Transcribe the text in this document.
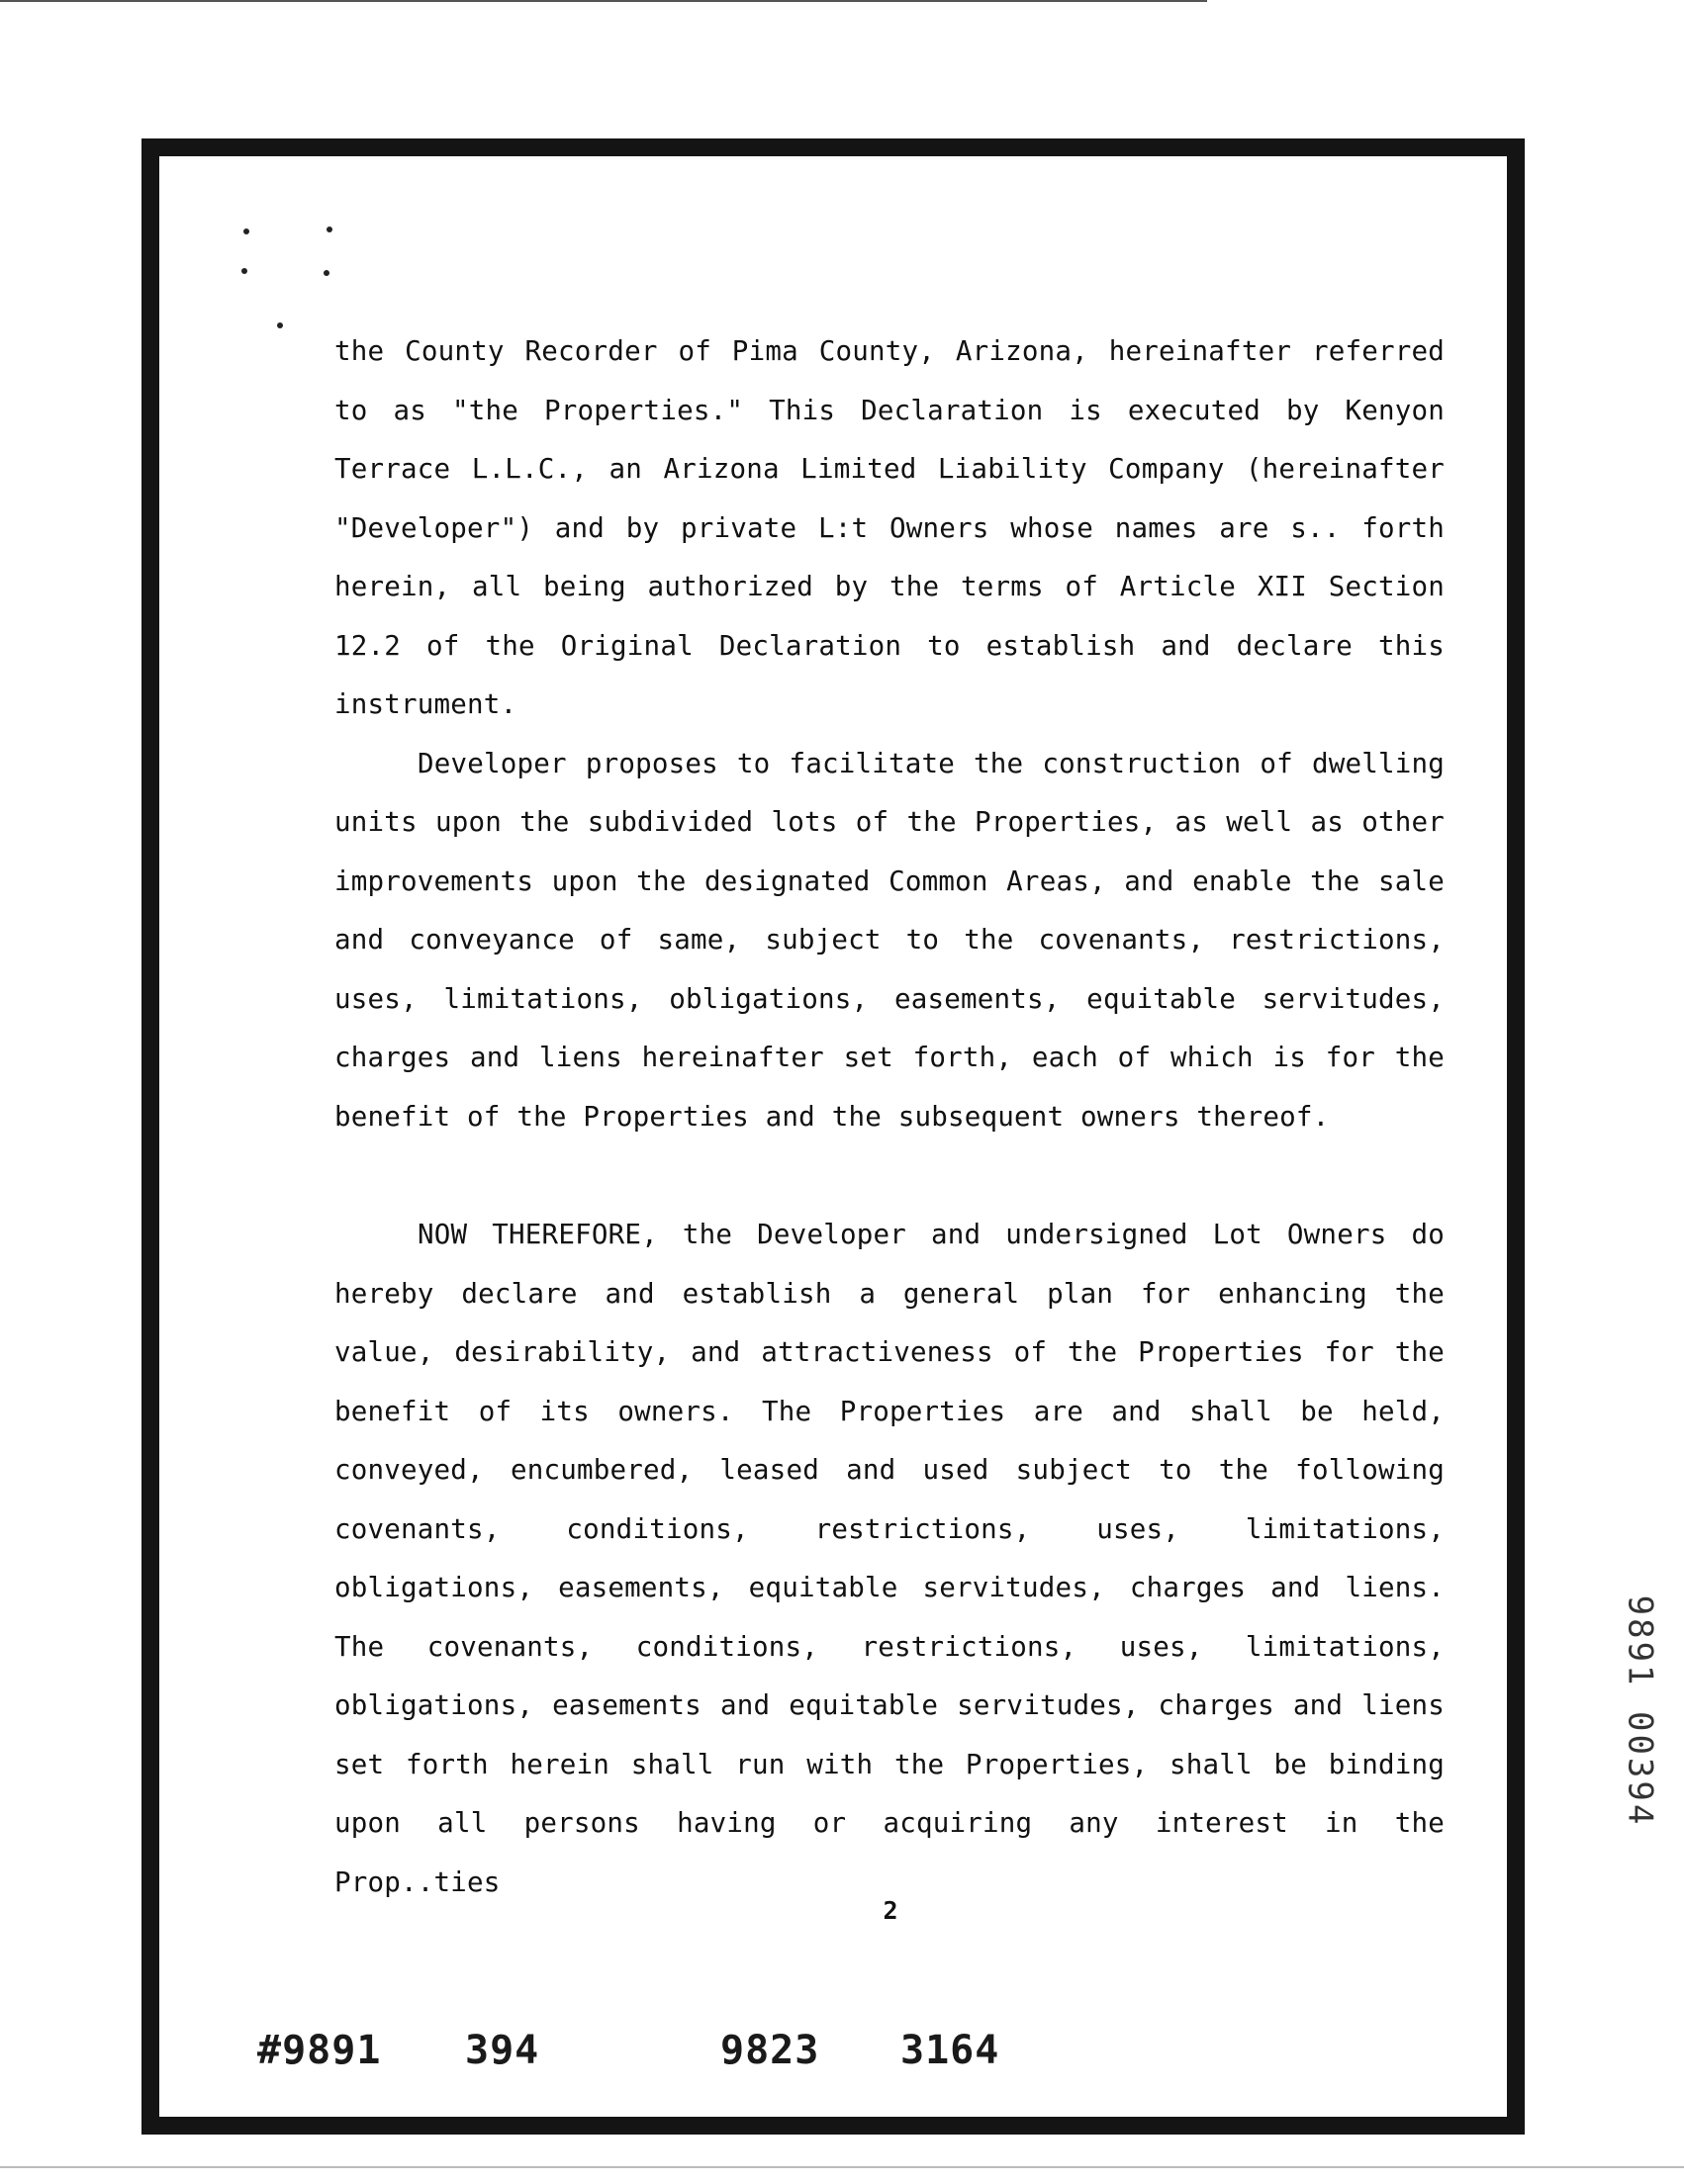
the County Recorder of Pima County, Arizona, hereinafter referred to as "the Properties." This Declaration is executed by Kenyon Terrace L.L.C., an Arizona Limited Liability Company (hereinafter "Developer") and by private L:t Owners whose names are s.. forth herein, all being authorized by the terms of Article XII Section 12.2 of the Original Declaration to establish and declare this instrument.

Developer proposes to facilitate the construction of dwelling units upon the subdivided lots of the Properties, as well as other improvements upon the designated Common Areas, and enable the sale and conveyance of same, subject to the covenants, restrictions, uses, limitations, obligations, easements, equitable servitudes, charges and liens hereinafter set forth, each of which is for the benefit of the Properties and the subsequent owners thereof.

NOW THEREFORE, the Developer and undersigned Lot Owners do hereby declare and establish a general plan for enhancing the value, desirability, and attractiveness of the Properties for the benefit of its owners. The Properties are and shall be held, conveyed, encumbered, leased and used subject to the following covenants, conditions, restrictions, uses, limitations, obligations, easements, equitable servitudes, charges and liens. The covenants, conditions, restrictions, uses, limitations, obligations, easements and equitable servitudes, charges and liens set forth herein shall run with the Properties, shall be binding upon all persons having or acquiring any interest in the Prop..ties

2
#9891 394	9823 3164
9891 00394
